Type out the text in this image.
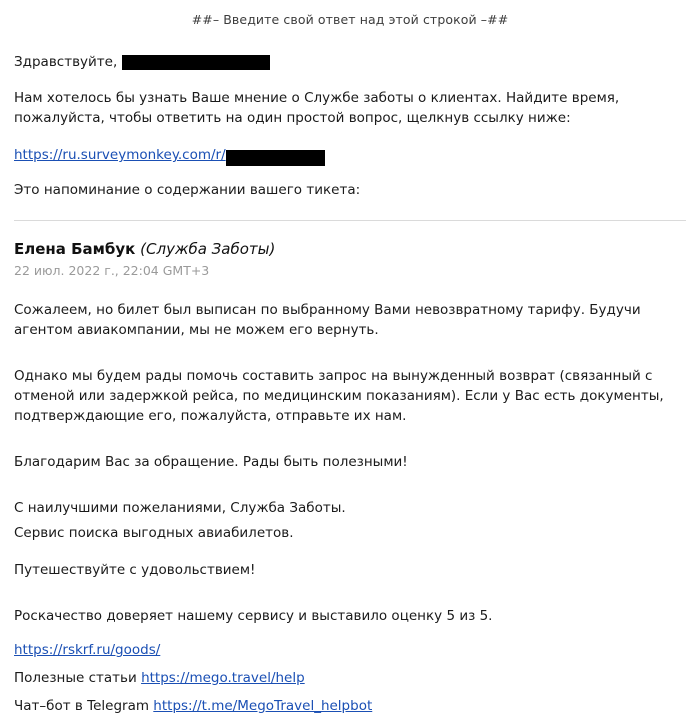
##– Введите свой ответ над этой строкой –##
Здравствуйте,
Нам хотелось бы узнать Ваше мнение о Службе заботы о клиентах. Найдите время, пожалуйста, чтобы ответить на один простой вопрос, щелкнув ссылку ниже:
https://ru.surveymonkey.com/r/
Это напоминание о содержании вашего тикета:
Елена Бамбук (Служба Заботы)
22 июл. 2022 г., 22:04 GMT+3
Сожалеем, но билет был выписан по выбранному Вами невозвратному тарифу. Будучи агентом авиакомпании, мы не можем его вернуть.
Однако мы будем рады помочь составить запрос на вынужденный возврат (связанный с отменой или задержкой рейса, по медицинским показаниям). Если у Вас есть документы, подтверждающие его, пожалуйста, отправьте их нам.
Благодарим Вас за обращение. Рады быть полезными!
С наилучшими пожеланиями, Служба Заботы.
Сервис поиска выгодных авиабилетов.
Путешествуйте с удовольствием!
Роскачество доверяет нашему сервису и выставило оценку 5 из 5.
https://rskrf.ru/goods/
Полезные статьи https://mego.travel/help
Чат–бот в Telegram https://t.me/MegoTravel_helpbot
